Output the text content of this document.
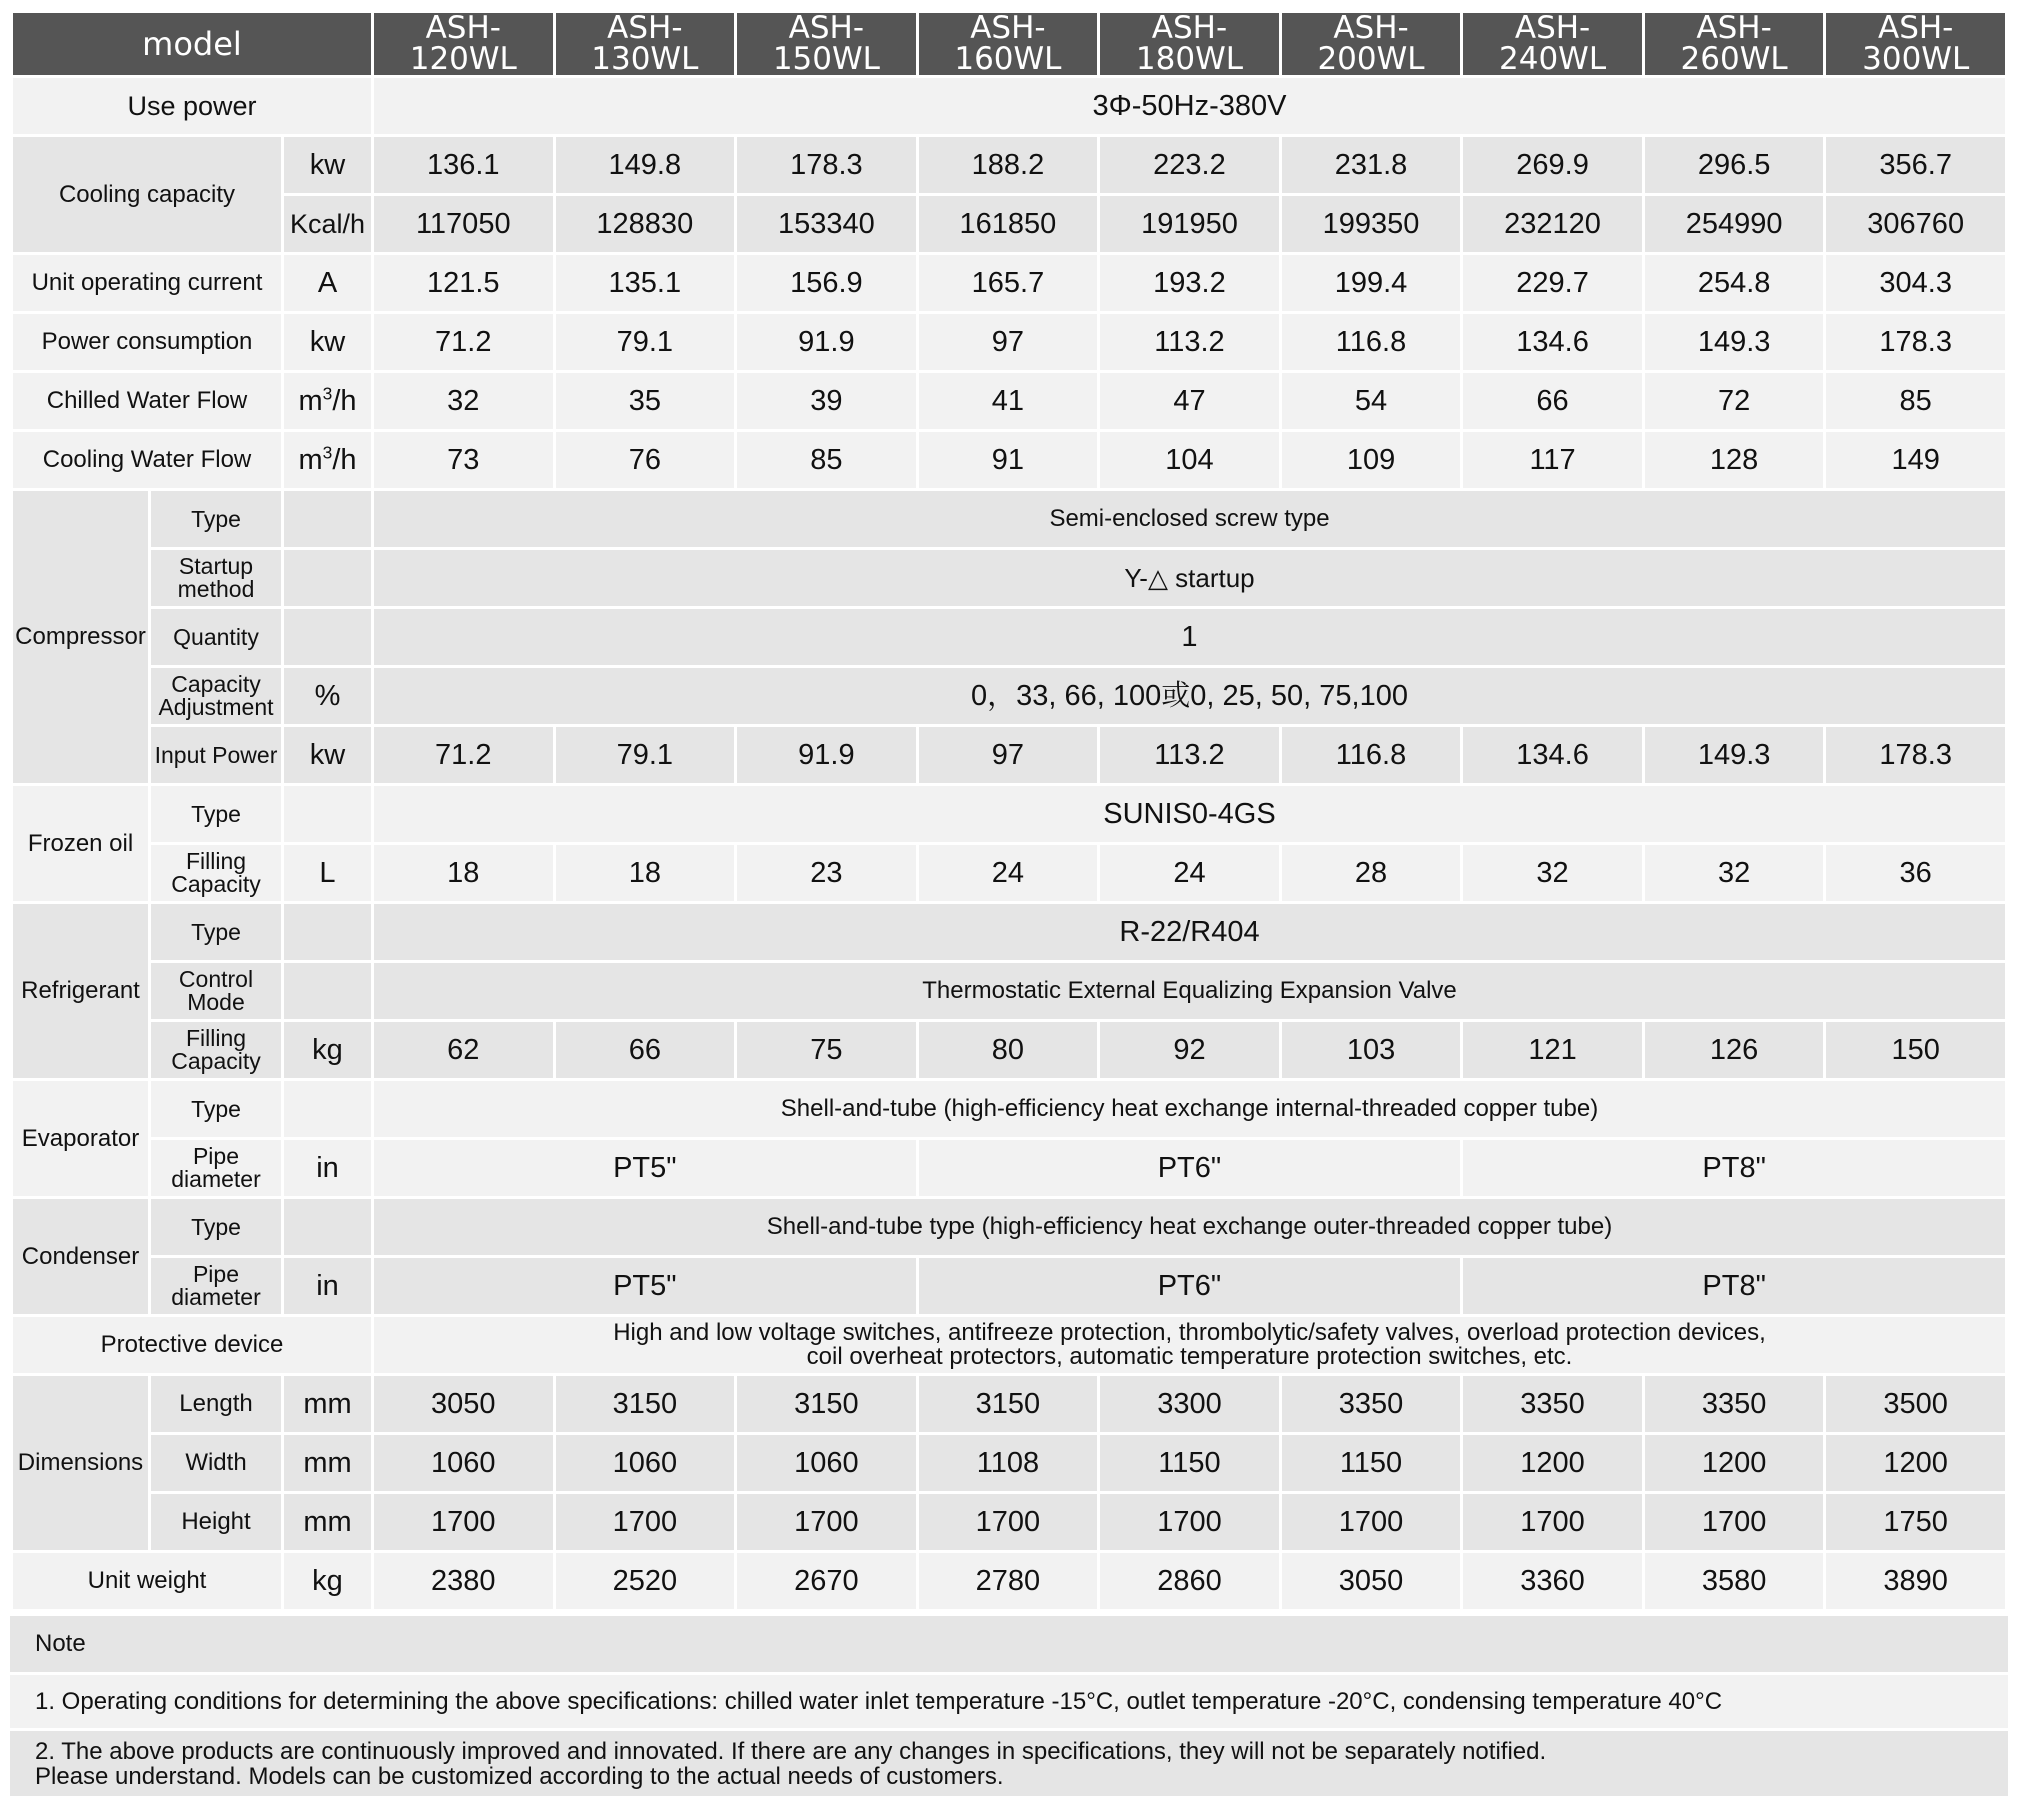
model			ASH-120WL	ASH-130WL	ASH-150WL	ASH-160WL	ASH-180WL	ASH-200WL	ASH-240WL	ASH-260WL	ASH-300WL
Use power			3Φ-50Hz-380V								
Cooling capacity		kw	136.1	149.8	178.3	188.2	223.2	231.8	269.9	296.5	356.7
		Kcal/h	117050	128830	153340	161850	191950	199350	232120	254990	306760
Unit operating current		A	121.5	135.1	156.9	165.7	193.2	199.4	229.7	254.8	304.3
Power consumption		kw	71.2	79.1	91.9	97	113.2	116.8	134.6	149.3	178.3
Chilled Water Flow		$m^3/h$	32	35	39	41	47	54	66	72	85
Cooling Water Flow		$m^3/h$	73	76	85	91	104	109	117	128	149
Compressor	Type		Semi-enclosed screw type								
	Startup method		Y-△ startup								
	Quantity		1								
	Capacity Adjustment	%	0，33, 66, 100或0, 25, 50, 75,100								
	Input Power	kw	71.2	79.1	91.9	97	113.2	116.8	134.6	149.3	178.3
Frozen oil	Type		SUNIS0-4GS								
	Filling Capacity	L	18	18	23	24	24	28	32	32	36
Refrigerant	Type		R-22/R404								
	Control Mode		Thermostatic External Equalizing Expansion Valve								
	Filling Capacity	kg	62	66	75	80	92	103	121	126	150
Evaporator	Type		Shell-and-tube (high-efficiency heat exchange internal-threaded copper tube)								
	Pipe diameter	in	PT5"			PT6"			PT8"		
Condenser	Type		Shell-and-tube type (high-efficiency heat exchange outer-threaded copper tube)								
	Pipe diameter	in	PT5"			PT6"			PT8"		
Protective device			High and low voltage switches, antifreeze protection, thrombolytic/safety valves, overload protection devices,
coil overheat protectors, automatic temperature protection switches, etc.								

Dimensions	Length	mm	3050	3150	3150	3150	3300	3350	3350	3350	3500
	Width	mm	1060	1060	1060	1108	1150	1150	1200	1200	1200
	Height	mm	1700	1700	1700	1700	1700	1700	1700	1700	1750
Unit weight		kg	2380	2520	2670	2780	2860	3050	3360	3580	3890
Note
1. Operating conditions for determining the above specifications: chilled water inlet temperature -15°C, outlet temperature -20°C, condensing temperature 40°C
2. The above products are continuously improved and innovated. If there are any changes in specifications, they will not be separately notified.
Please understand. Models can be customized according to the actual needs of customers.
